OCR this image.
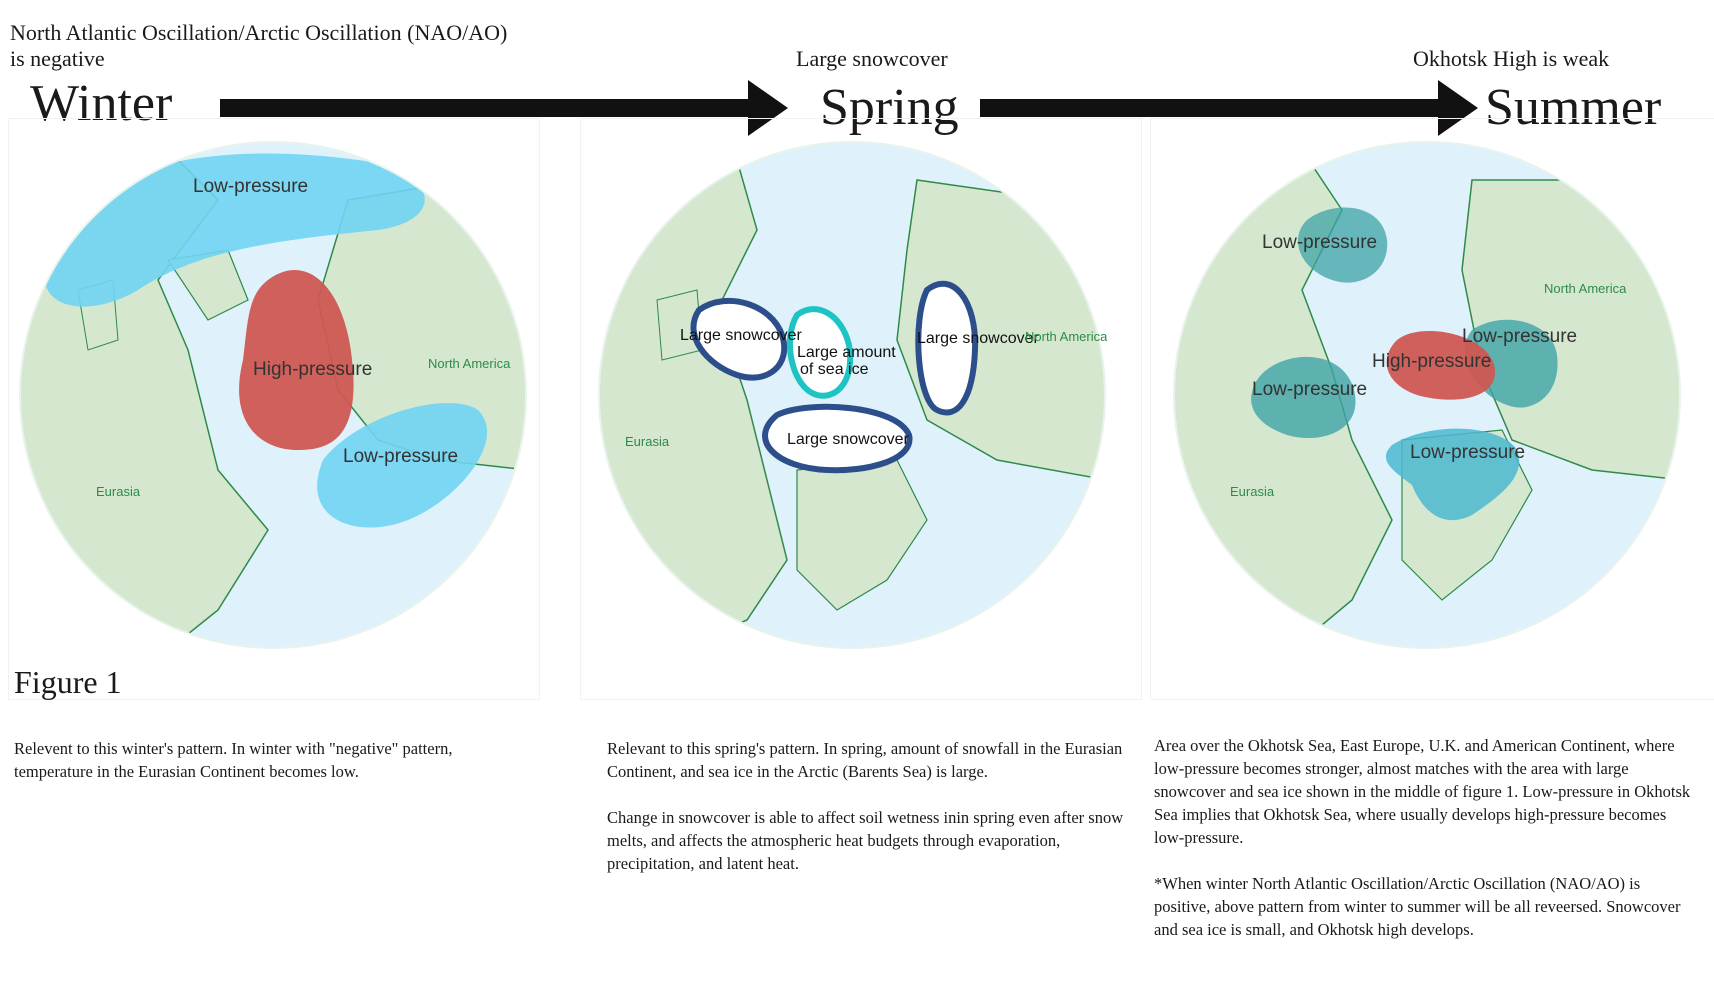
North Atlantic Oscillation/Arctic Oscillation (NAO/AO)
is negative	Large snowcover	Okhotsk High is weak
Winter	Spring	Summer
Low-pressure
High-pressure
Low-pressure
Eurasia
North America
Large snowcover
Large amount
of sea ice
Large snowcover
Large snowcover
Eurasia
North America
Low-pressure
Low-pressure
High-pressure
Low-pressure
Low-pressure
Eurasia
North America
Figure 1

Relevent to this winter's pattern. In winter with "negative" pattern, temperature in the Eurasian Continent becomes low.

Relevant to this spring's pattern. In spring, amount of snowfall in the Eurasian Continent, and sea ice in the Arctic (Barents Sea) is large.

Change in snowcover is able to affect soil wetness inin spring even after snow melts, and affects the atmospheric heat budgets through evaporation, precipitation, and latent heat.

Area over the Okhotsk Sea, East Europe, U.K. and American Continent, where low-pressure becomes stronger, almost matches with the area with large snowcover and sea ice shown in the middle of figure 1. Low-pressure in Okhotsk Sea implies that Okhotsk Sea, where usually develops high-pressure becomes low-pressure.

*When winter North Atlantic Oscillation/Arctic Oscillation (NAO/AO) is positive, above pattern from winter to summer will be all reveersed. Snowcover and sea ice is small, and Okhotsk high develops.
